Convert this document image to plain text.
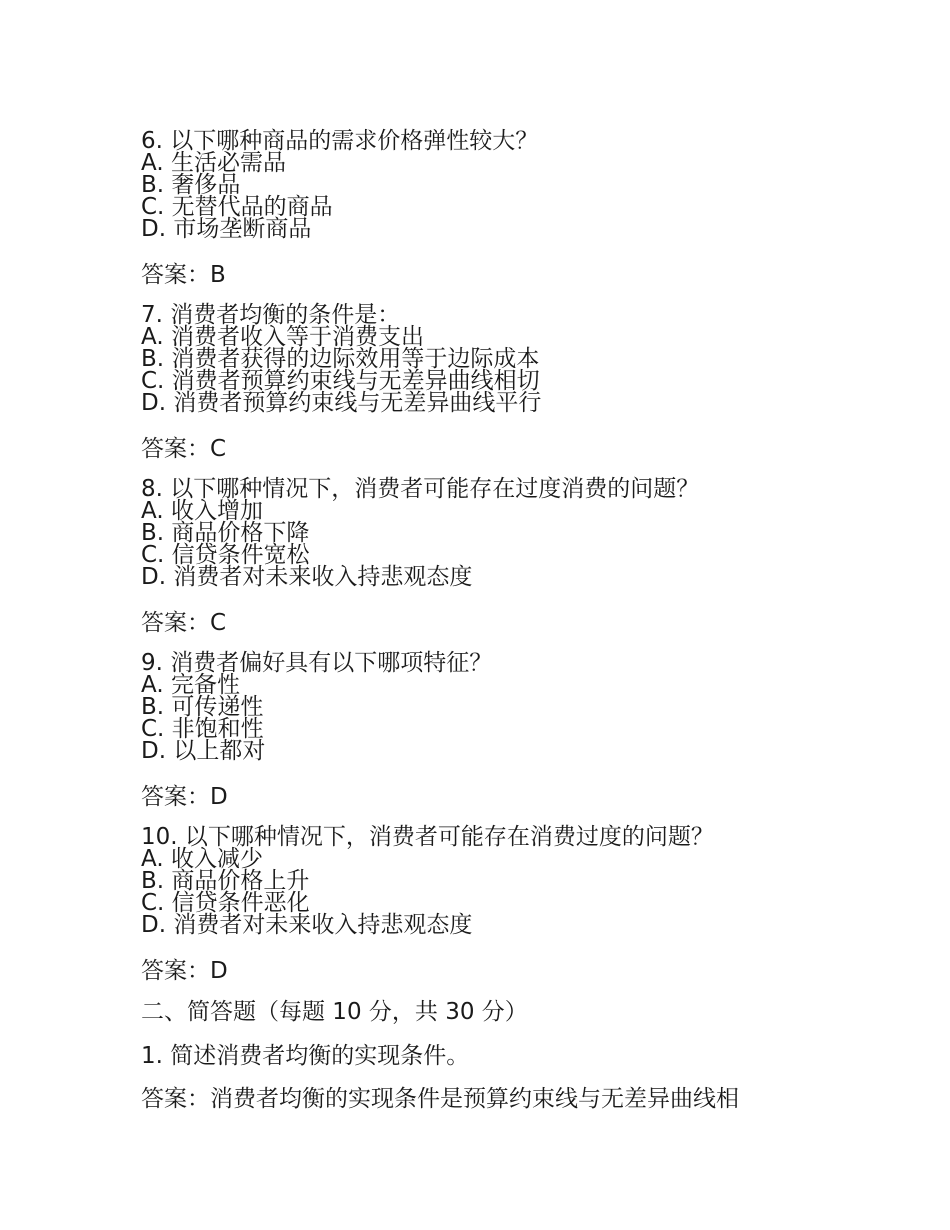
6. 以下哪种商品的需求价格弹性较大？
A. 生活必需品
B. 奢侈品
C. 无替代品的商品
D. 市场垄断商品
答案：B
7. 消费者均衡的条件是：
A. 消费者收入等于消费支出
B. 消费者获得的边际效用等于边际成本
C. 消费者预算约束线与无差异曲线相切
D. 消费者预算约束线与无差异曲线平行
答案：C
8. 以下哪种情况下，消费者可能存在过度消费的问题？
A. 收入增加
B. 商品价格下降
C. 信贷条件宽松
D. 消费者对未来收入持悲观态度
答案：C
9. 消费者偏好具有以下哪项特征？
A. 完备性
B. 可传递性
C. 非饱和性
D. 以上都对
答案：D
10. 以下哪种情况下，消费者可能存在消费过度的问题？
A. 收入减少
B. 商品价格上升
C. 信贷条件恶化
D. 消费者对未来收入持悲观态度
答案：D
二、简答题（每题 10 分，共 30 分）
1. 简述消费者均衡的实现条件。
答案：消费者均衡的实现条件是预算约束线与无差异曲线相
